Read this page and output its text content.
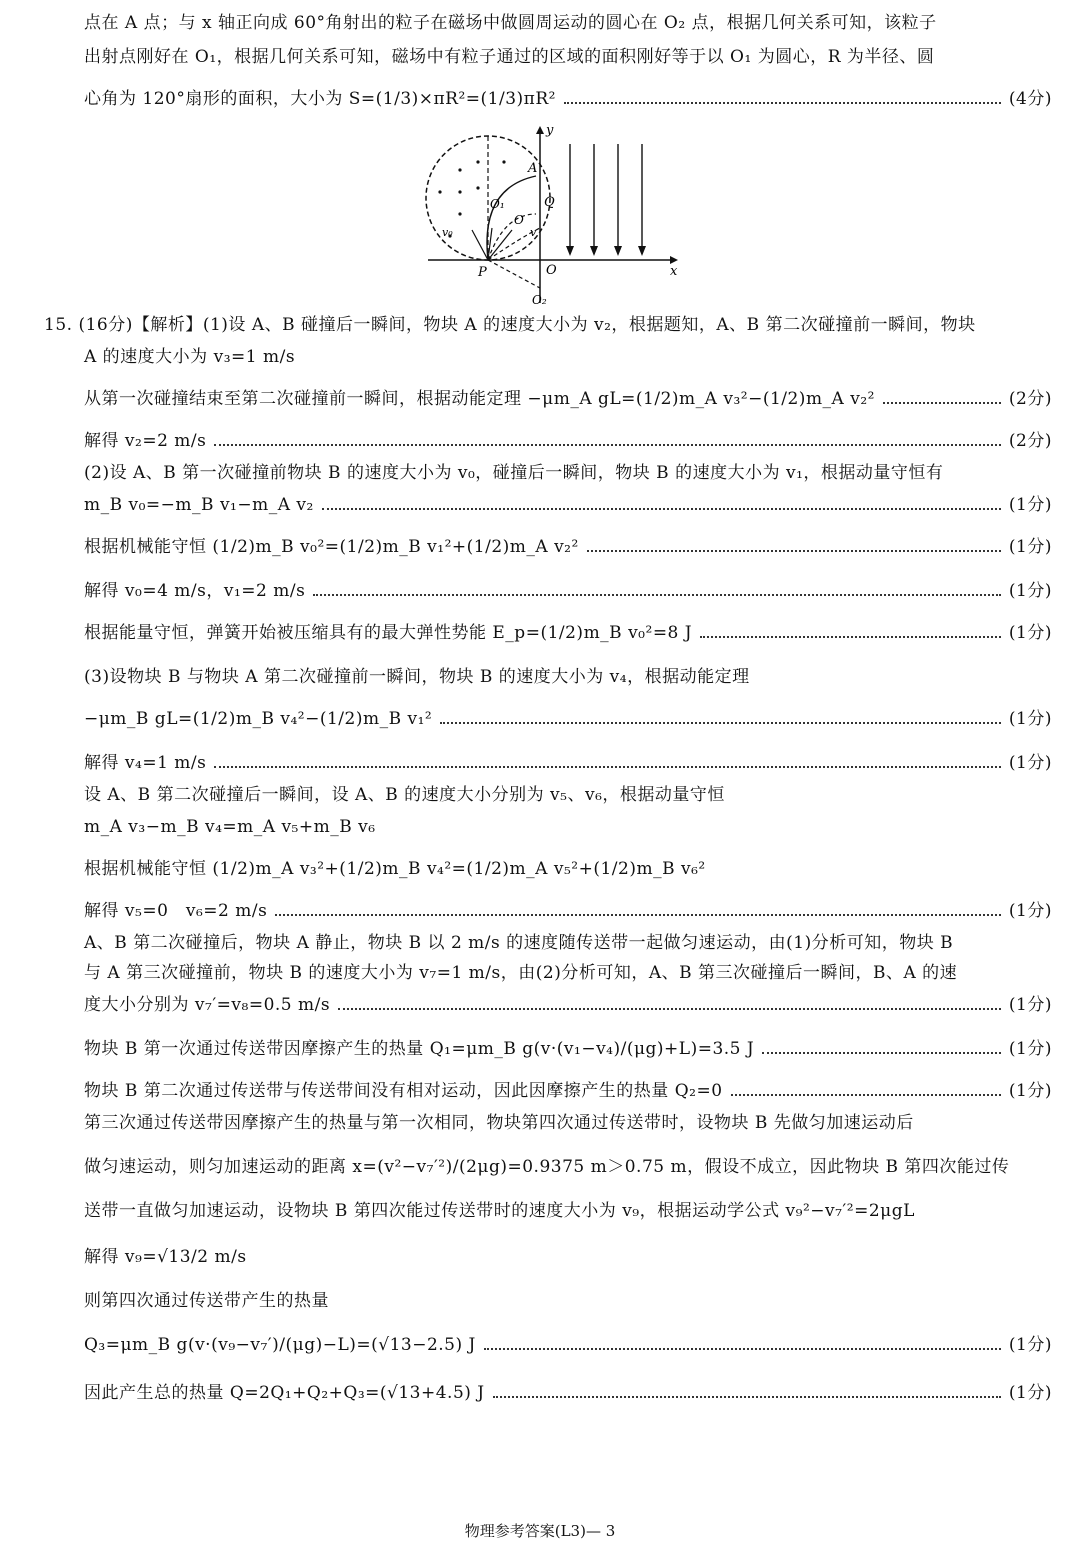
点在 A 点；与 x 轴正向成 60°角射出的粒子在磁场中做圆周运动的圆心在 O₂ 点，根据几何关系可知，该粒子
出射点刚好在 O₁，根据几何关系可知，磁场中有粒子通过的区域的面积刚好等于以 O₁ 为圆心，R 为半径、圆
心角为 120°扇形的面积，大小为 S=(1/3)×πR²=(1/3)πR²	(4分)
y
x
A
Q
O₁
O
O
O₂
P
v₀	v
15. (16分)【解析】(1)设 A、B 碰撞后一瞬间，物块 A 的速度大小为 v₂，根据题知，A、B 第二次碰撞前一瞬间，物块
A 的速度大小为 v₃=1 m/s
从第一次碰撞结束至第二次碰撞前一瞬间，根据动能定理 −μm_A gL=(1/2)m_A v₃²−(1/2)m_A v₂²	(2分)
解得 v₂=2 m/s	(2分)
(2)设 A、B 第一次碰撞前物块 B 的速度大小为 v₀，碰撞后一瞬间，物块 B 的速度大小为 v₁，根据动量守恒有
m_B v₀=−m_B v₁−m_A v₂	(1分)
根据机械能守恒 (1/2)m_B v₀²=(1/2)m_B v₁²+(1/2)m_A v₂²	(1分)
解得 v₀=4 m/s，v₁=2 m/s	(1分)
根据能量守恒，弹簧开始被压缩具有的最大弹性势能 E_p=(1/2)m_B v₀²=8 J	(1分)
(3)设物块 B 与物块 A 第二次碰撞前一瞬间，物块 B 的速度大小为 v₄，根据动能定理
−μm_B gL=(1/2)m_B v₄²−(1/2)m_B v₁²	(1分)
解得 v₄=1 m/s	(1分)
设 A、B 第二次碰撞后一瞬间，设 A、B 的速度大小分别为 v₅、v₆，根据动量守恒
m_A v₃−m_B v₄=m_A v₅+m_B v₆
根据机械能守恒 (1/2)m_A v₃²+(1/2)m_B v₄²=(1/2)m_A v₅²+(1/2)m_B v₆²
解得 v₅=0　v₆=2 m/s	(1分)
A、B 第二次碰撞后，物块 A 静止，物块 B 以 2 m/s 的速度随传送带一起做匀速运动，由(1)分析可知，物块 B
与 A 第三次碰撞前，物块 B 的速度大小为 v₇=1 m/s，由(2)分析可知，A、B 第三次碰撞后一瞬间，B、A 的速
度大小分别为 v₇′=v₈=0.5 m/s	(1分)
物块 B 第一次通过传送带因摩擦产生的热量 Q₁=μm_B g(v·(v₁−v₄)/(μg)+L)=3.5 J	(1分)
物块 B 第二次通过传送带与传送带间没有相对运动，因此因摩擦产生的热量 Q₂=0	(1分)
第三次通过传送带因摩擦产生的热量与第一次相同，物块第四次通过传送带时，设物块 B 先做匀加速运动后
做匀速运动，则匀加速运动的距离 x=(v²−v₇′²)/(2μg)=0.9375 m＞0.75 m，假设不成立，因此物块 B 第四次能过传
送带一直做匀加速运动，设物块 B 第四次能过传送带时的速度大小为 v₉，根据运动学公式 v₉²−v₇′²=2μgL
解得 v₉=√13/2 m/s
则第四次通过传送带产生的热量
Q₃=μm_B g(v·(v₉−v₇′)/(μg)−L)=(√13−2.5) J	(1分)
因此产生总的热量 Q=2Q₁+Q₂+Q₃=(√13+4.5) J	(1分)
物理参考答案(L3)— 3
